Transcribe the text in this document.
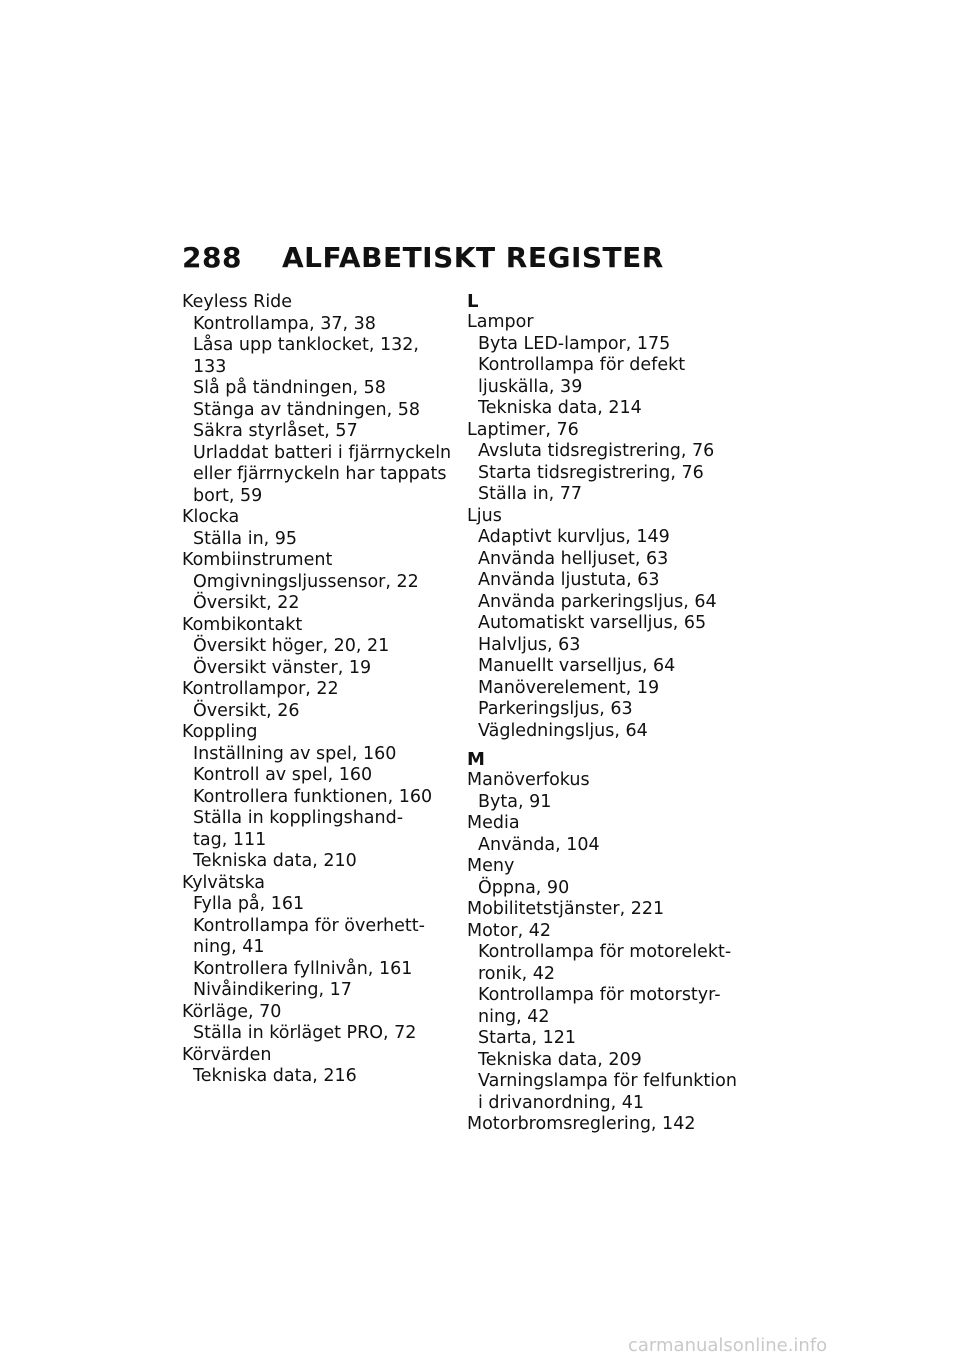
288 ALFABETISKT REGISTER
Keyless Ride
Kontrollampa, 37, 38
Låsa upp tanklocket, 132,
133
Slå på tändningen, 58
Stänga av tändningen, 58
Säkra styrlåset, 57
Urladdat batteri i fjärrnyckeln
eller fjärrnyckeln har tappats
bort, 59
Klocka
Ställa in, 95
Kombiinstrument
Omgivningsljussensor, 22
Översikt, 22
Kombikontakt
Översikt höger, 20, 21
Översikt vänster, 19
Kontrollampor, 22
Översikt, 26
Koppling
Inställning av spel, 160
Kontroll av spel, 160
Kontrollera funktionen, 160
Ställa in kopplingshand-
tag, 111
Tekniska data, 210
Kylvätska
Fylla på, 161
Kontrollampa för överhett-
ning, 41
Kontrollera fyllnivån, 161
Nivåindikering, 17
Körläge, 70
Ställa in körläget PRO, 72
Körvärden
Tekniska data, 216
L
Lampor
Byta LED-lampor, 175
Kontrollampa för defekt
ljuskälla, 39
Tekniska data, 214
Laptimer, 76
Avsluta tidsregistrering, 76
Starta tidsregistrering, 76
Ställa in, 77
Ljus
Adaptivt kurvljus, 149
Använda helljuset, 63
Använda ljustuta, 63
Använda parkeringsljus, 64
Automatiskt varselljus, 65
Halvljus, 63
Manuellt varselljus, 64
Manöverelement, 19
Parkeringsljus, 63
Vägledningsljus, 64
M
Manöverfokus
Byta, 91
Media
Använda, 104
Meny
Öppna, 90
Mobilitetstjänster, 221
Motor, 42
Kontrollampa för motorelekt-
ronik, 42
Kontrollampa för motorstyr-
ning, 42
Starta, 121
Tekniska data, 209
Varningslampa för felfunktion
i drivanordning, 41
Motorbromsreglering, 142
carmanualsonline.info
